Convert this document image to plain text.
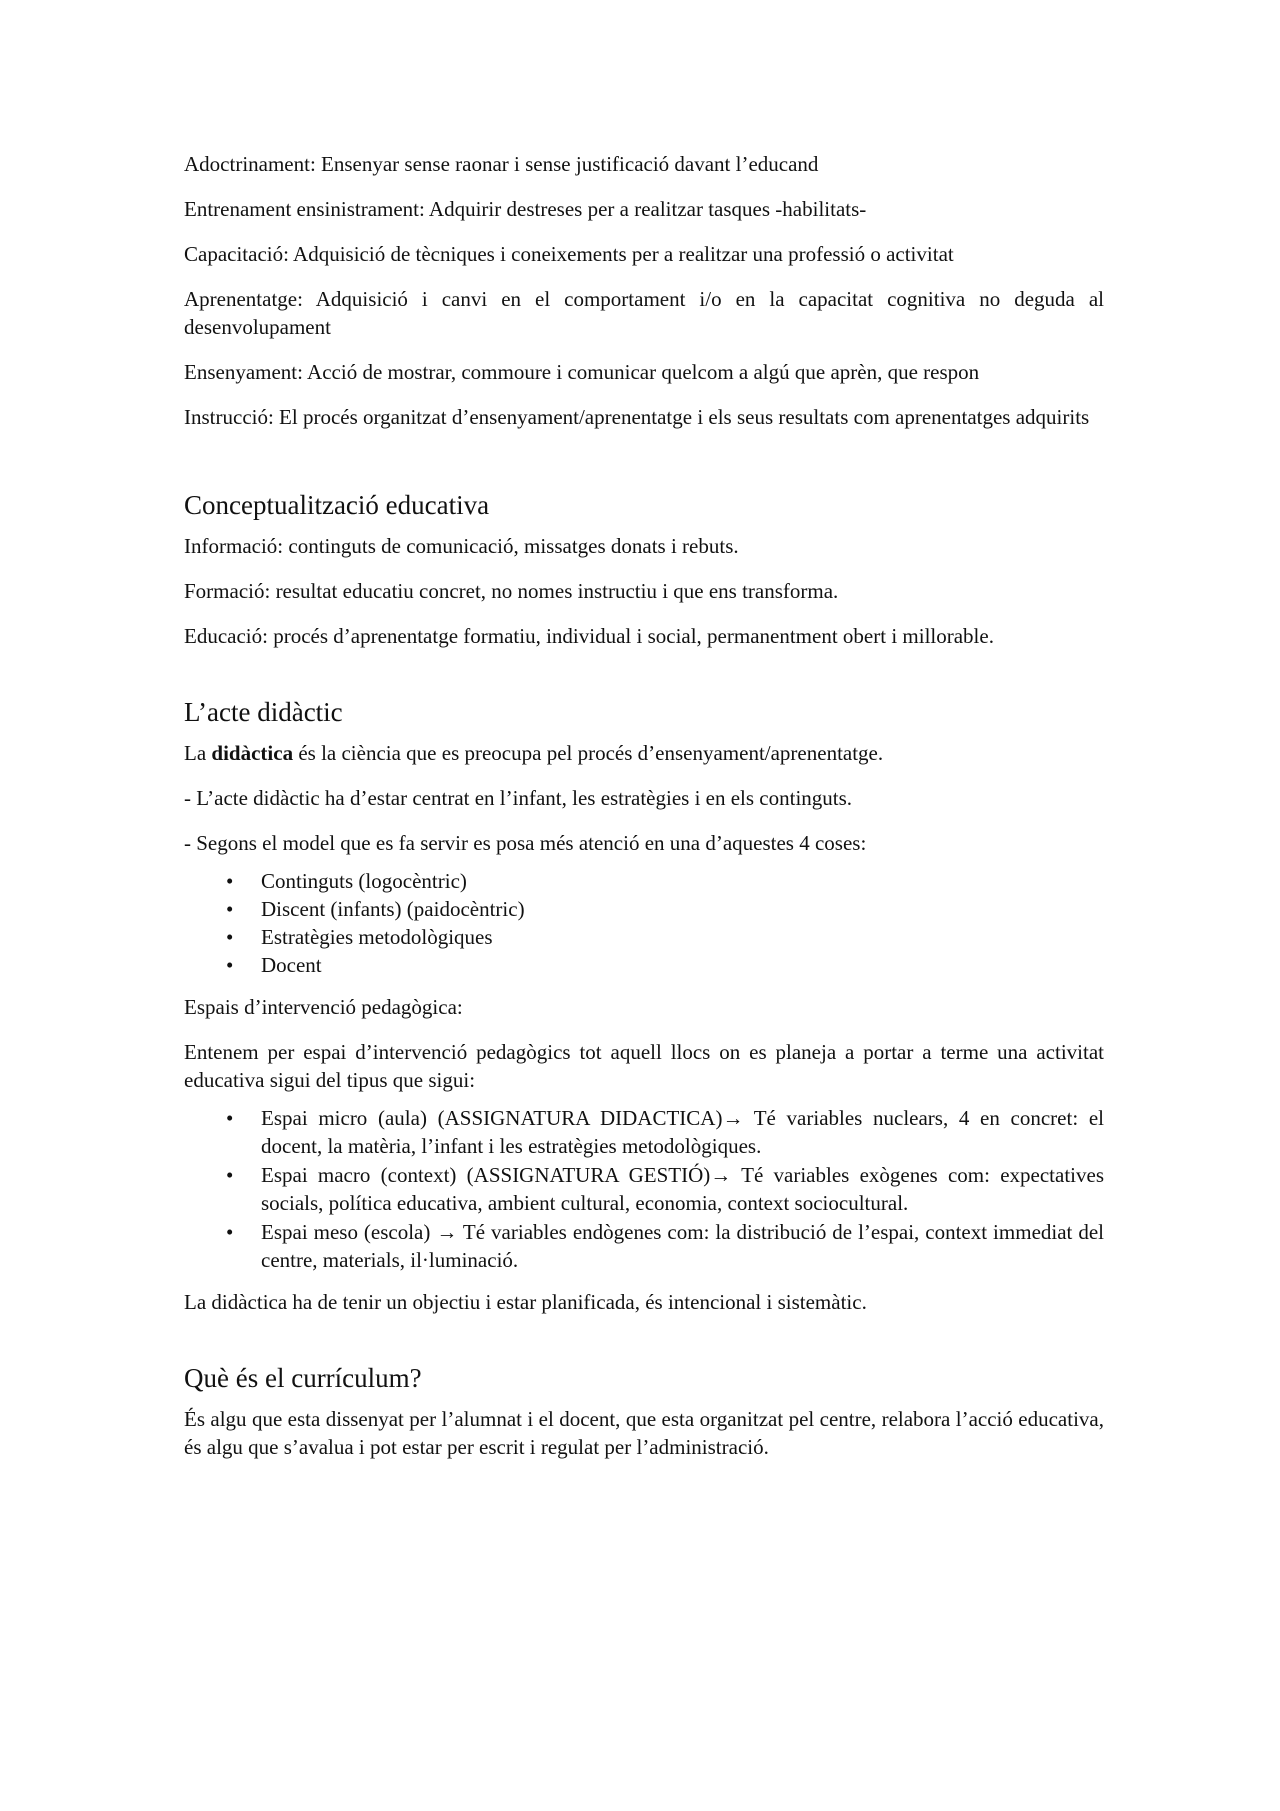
Adoctrinament: Ensenyar sense raonar i sense justificació davant l’educand

Entrenament ensinistrament: Adquirir destreses per a realitzar tasques -habilitats-

Capacitació: Adquisició de tècniques i coneixements per a realitzar una professió o activitat

Aprenentatge: Adquisició i canvi en el comportament i/o en la capacitat cognitiva no deguda al desenvolupament

Ensenyament: Acció de mostrar, commoure i comunicar quelcom a algú que aprèn, que respon

Instrucció: El procés organitzat d’ensenyament/aprenentatge i els seus resultats com aprenentatges adquirits

Conceptualització educativa

Informació: continguts de comunicació, missatges donats i rebuts.

Formació: resultat educatiu concret, no nomes instructiu i que ens transforma.

Educació: procés d’aprenentatge formatiu, individual i social, permanentment obert i millorable.

L’acte didàctic

La didàctica és la ciència que es preocupa pel procés d’ensenyament/aprenentatge.

- L’acte didàctic ha d’estar centrat en l’infant, les estratègies i en els continguts.

- Segons el model que es fa servir es posa més atenció en una d’aquestes 4 coses:

• Continguts (logocèntric)
• Discent (infants) (paidocèntric)
• Estratègies metodològiques
• Docent

Espais d’intervenció pedagògica:

Entenem per espai d’intervenció pedagògics tot aquell llocs on es planeja a portar a terme una activitat educativa sigui del tipus que sigui:

• Espai micro (aula) (ASSIGNATURA DIDACTICA)→ Té variables nuclears, 4 en concret: el docent, la matèria, l’infant i les estratègies metodològiques.
• Espai macro (context) (ASSIGNATURA GESTIÓ)→ Té variables exògenes com: expectatives socials, política educativa, ambient cultural, economia, context sociocultural.
• Espai meso (escola) → Té variables endògenes com: la distribució de l’espai, context immediat del centre, materials, il·luminació.

La didàctica ha de tenir un objectiu i estar planificada, és intencional i sistemàtic.

Què és el currículum?

És algu que esta dissenyat per l’alumnat i el docent, que esta organitzat pel centre, relabora l’acció educativa, és algu que s’avalua i pot estar per escrit i regulat per l’administració.
